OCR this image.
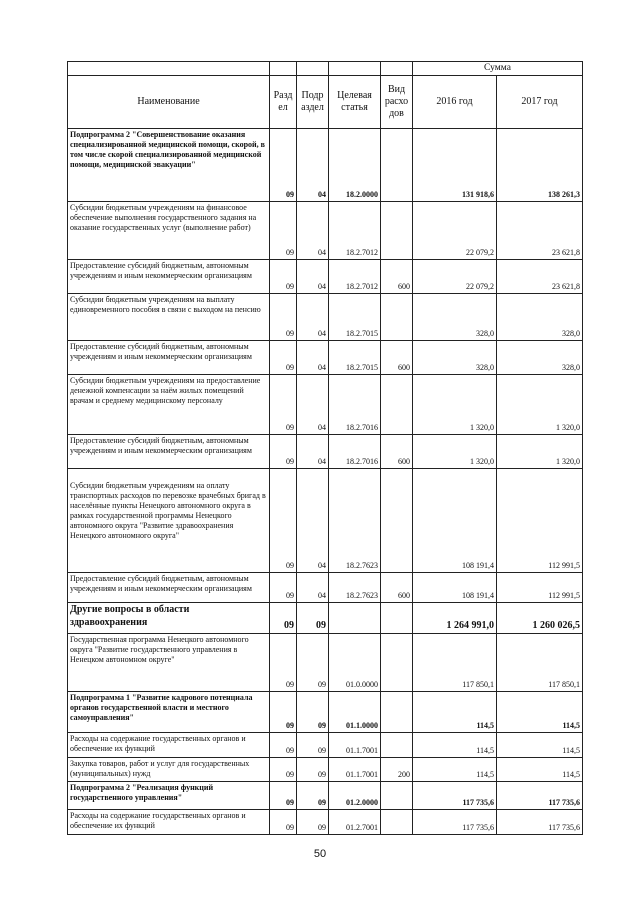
					Сумма	
Наименование	Разд ел	Подр аздел	Целевая статья	Вид расхо дов	2016 год	2017 год
Подпрограмма 2 "Совершенствование оказания специализированной медицинской помощи, скорой, в том числе скорой специализированной медицинской помощи, медицинской эвакуации"	09	04	18.2.0000		131 918,6	138 261,3
Субсидии бюджетным учреждениям на финансовое обеспечение выполнения государственного задания на оказание государственных услуг (выполнение работ)	09	04	18.2.7012		22 079,2	23 621,8
Предоставление субсидий бюджетным, автономным учреждениям и иным некоммерческим организациям	09	04	18.2.7012	600	22 079,2	23 621,8
Субсидии бюджетным учреждениям на выплату единовременного пособия в связи с выходом на пенсию	09	04	18.2.7015		328,0	328,0
Предоставление субсидий бюджетным, автономным учреждениям и иным некоммерческим организациям	09	04	18.2.7015	600	328,0	328,0
Субсидии бюджетным учреждениям на предоставление денежной компенсации за наём жилых помещений врачам и среднему медицинскому персоналу	09	04	18.2.7016		1 320,0	1 320,0
Предоставление субсидий бюджетным, автономным учреждениям и иным некоммерческим организациям	09	04	18.2.7016	600	1 320,0	1 320,0
Субсидии бюджетным учреждениям на оплату транспортных расходов по перевозке врачебных бригад в населённые пункты Ненецкого автономного округа в рамках государственной программы Ненецкого автономного округа "Развитие здравоохранения Ненецкого автономного округа"	09	04	18.2.7623		108 191,4	112 991,5
Предоставление субсидий бюджетным, автономным учреждениям и иным некоммерческим организациям	09	04	18.2.7623	600	108 191,4	112 991,5
Другие вопросы в области здравоохранения	09	09			1 264 991,0	1 260 026,5
Государственная программа Ненецкого автономного округа "Развитие государственного управления в Ненецком автономном округе"	09	09	01.0.0000		117 850,1	117 850,1
Подпрограмма 1 "Развитие кадрового потенциала органов государственной власти и местного самоуправления"	09	09	01.1.0000		114,5	114,5
Расходы на содержание государственных органов и обеспечение их функций	09	09	01.1.7001		114,5	114,5
Закупка товаров, работ и услуг для государственных (муниципальных) нужд	09	09	01.1.7001	200	114,5	114,5
Подпрограмма 2 "Реализация функций государственного управления"	09	09	01.2.0000		117 735,6	117 735,6
Расходы на содержание государственных органов и обеспечение их функций	09	09	01.2.7001		117 735,6	117 735,6
50
